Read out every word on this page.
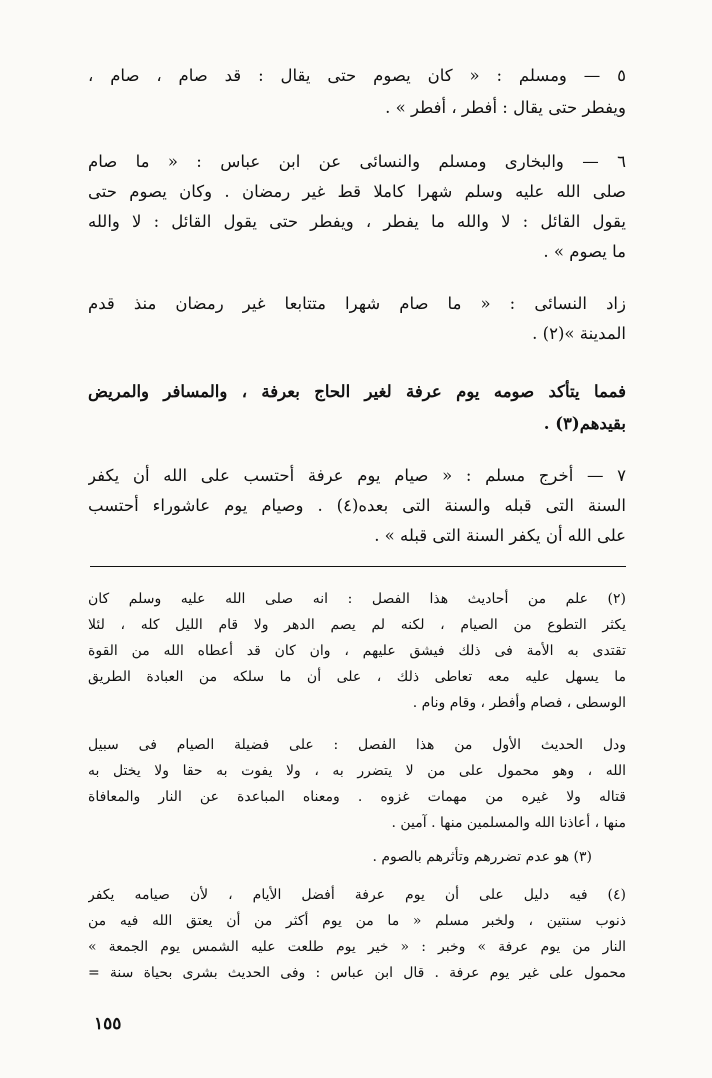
٥ — ومسلم : « كان يصوم حتى يقال : قد صام ، صام ،
ويفطر حتى يقال : أفطر ، أفطر » .
٦ — والبخارى ومسلم والنسائى عن ابن عباس : « ما صام
صلى الله عليه وسلم شهرا كاملا قط غير رمضان . وكان يصوم حتى
يقول القائل : لا والله ما يفطر ، ويفطر حتى يقول القائل : لا والله
ما يصوم » .
زاد النسائى : « ما صام شهرا متتابعا غير رمضان منذ قدم
المدينة »(٢) .
فمما يتأكد صومه يوم عرفة لغير الحاج بعرفة ، والمسافر والمريض
بقيدهم(٣) .
٧ — أخرج مسلم : « صيام يوم عرفة أحتسب على الله أن يكفر
السنة التى قبله والسنة التى بعده(٤) . وصيام يوم عاشوراء أحتسب
على الله أن يكفر السنة التى قبله » .
(٢) علم من أحاديث هذا الفصل : انه صلى الله عليه وسلم كان
يكثر التطوع من الصيام ، لكنه لم يصم الدهر ولا قام الليل كله ، لئلا
تقتدى به الأمة فى ذلك فيشق عليهم ، وان كان قد أعطاه الله من القوة
ما يسهل عليه معه تعاطى ذلك ، على أن ما سلكه من العبادة الطريق
الوسطى ، فصام وأفطر ، وقام ونام .
ودل الحديث الأول من هذا الفصل : على فضيلة الصيام فى سبيل
الله ، وهو محمول على من لا يتضرر به ، ولا يفوت به حقا ولا يختل به
قتاله ولا غيره من مهمات غزوه . ومعناه المباعدة عن النار والمعافاة
منها ، أعاذنا الله والمسلمين منها . آمين .
(٣) هو عدم تضررهم وتأثرهم بالصوم .
(٤) فيه دليل على أن يوم عرفة أفضل الأيام ، لأن صيامه يكفر
ذنوب سنتين ، ولخبر مسلم « ما من يوم أكثر من أن يعتق الله فيه من
النار من يوم عرفة » وخبر : « خير يوم طلعت عليه الشمس يوم الجمعة »
محمول على غير يوم عرفة . قال ابن عباس : وفى الحديث بشرى بحياة سنة =
١٥٥
